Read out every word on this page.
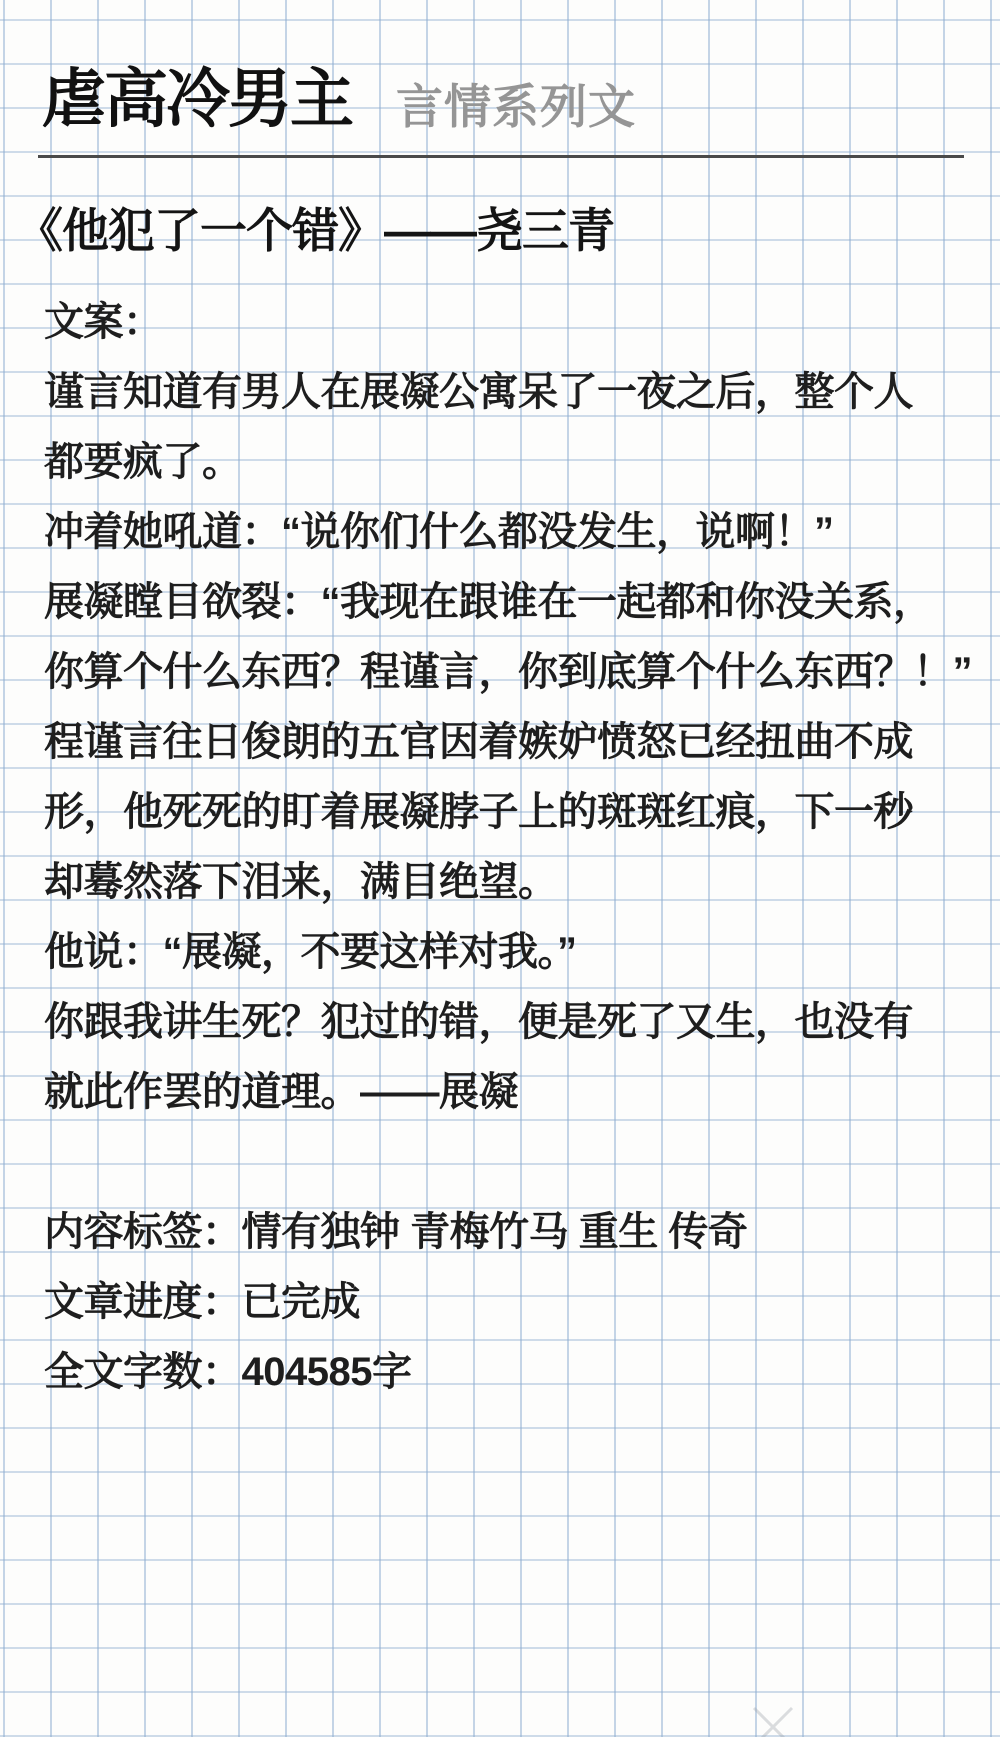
虐高冷男主 言情系列文
《他犯了一个错》——尧三青
文案：
谨言知道有男人在展凝公寓呆了一夜之后，整个人
都要疯了。
冲着她吼道：“说你们什么都没发生，说啊！”
展凝瞠目欲裂：“我现在跟谁在一起都和你没关系，
你算个什么东西？程谨言，你到底算个什么东西？！”
程谨言往日俊朗的五官因着嫉妒愤怒已经扭曲不成
形，他死死的盯着展凝脖子上的斑斑红痕，下一秒
却蓦然落下泪来，满目绝望。
他说：“展凝，不要这样对我。”
你跟我讲生死？犯过的错，便是死了又生，也没有
就此作罢的道理。——展凝
内容标签：情有独钟 青梅竹马 重生 传奇
文章进度：已完成
全文字数：404585字
